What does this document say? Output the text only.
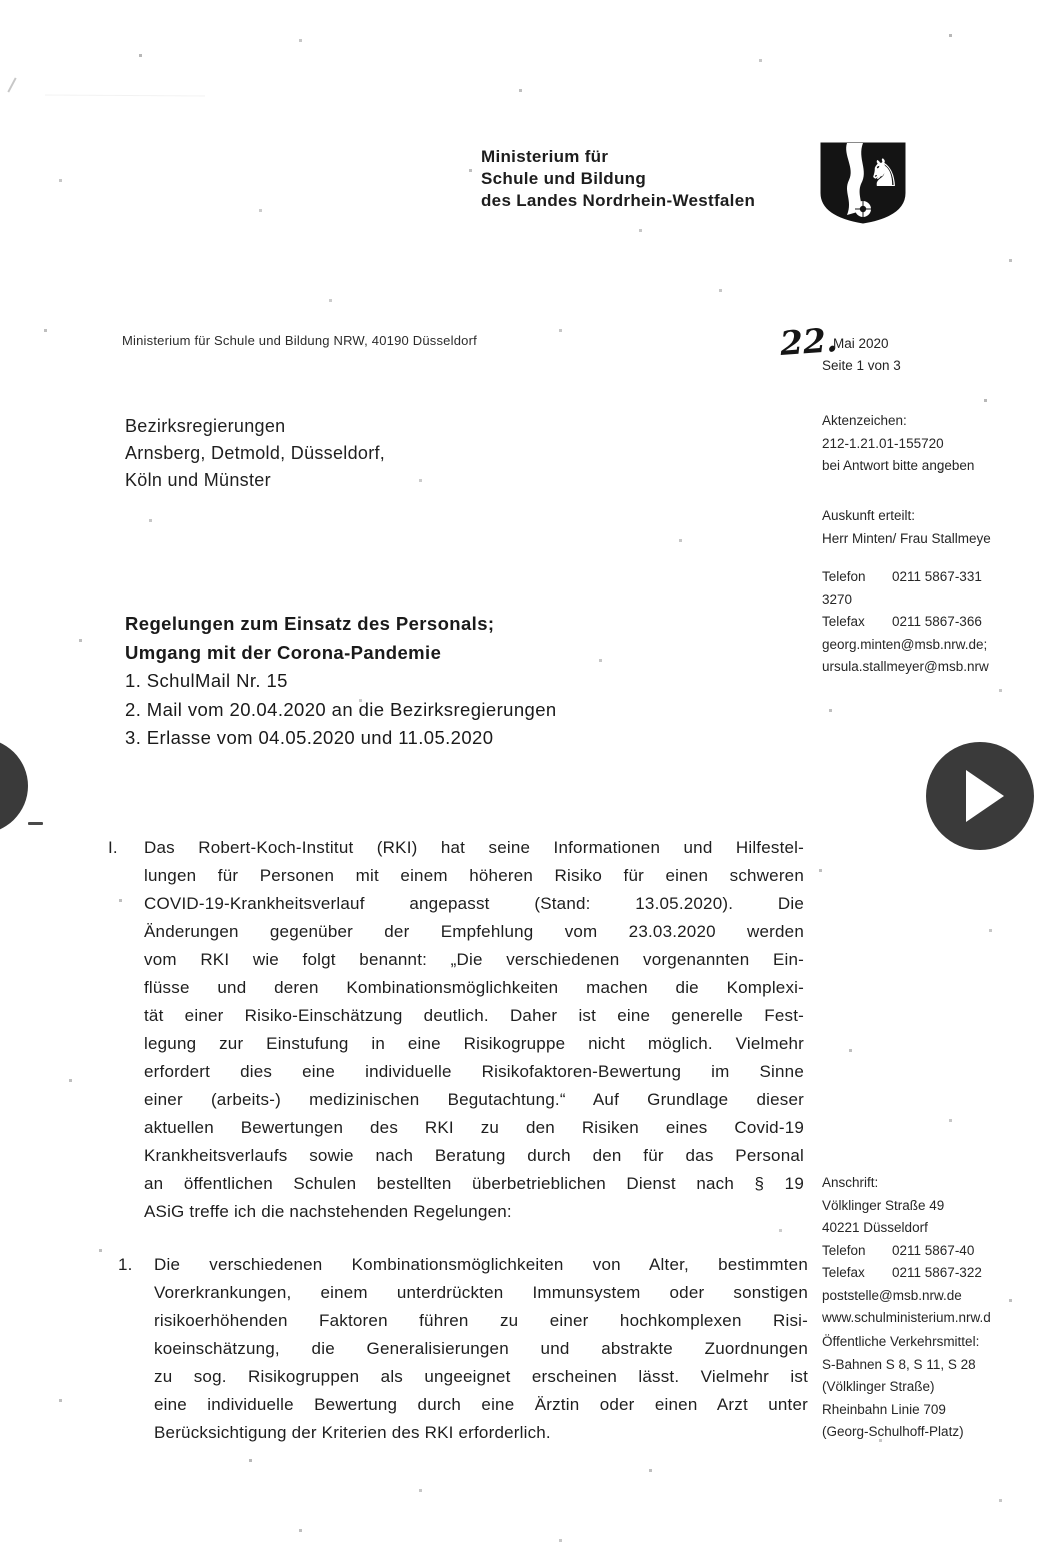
Ministerium für
Schule und Bildung
des Landes Nordrhein-Westfalen
♞
Ministerium für Schule und Bildung NRW, 40190 Düsseldorf	22.
Mai 2020
Seite 1 von 3
Aktenzeichen:
212-1.21.01-155720
bei Antwort bitte angeben
Auskunft erteilt:
Herr Minten/ Frau Stallmeye
Telefon 0211 5867-331
3270
Telefax 0211 5867-366
georg.minten@msb.nrw.de;
ursula.stallmeyer@msb.nrw
Bezirksregierungen
Arnsberg, Detmold, Düsseldorf,
Köln und Münster
Regelungen zum Einsatz des Personals;
Umgang mit der Corona-Pandemie
1. SchulMail Nr. 15
2. Mail vom 20.04.2020 an die Bezirksregierungen
3. Erlasse vom 04.05.2020 und 11.05.2020
I.	Das Robert-Koch-Institut (RKI) hat seine Informationen und Hilfestel-
lungen für Personen mit einem höheren Risiko für einen schweren
COVID-19-Krankheitsverlauf angepasst (Stand: 13.05.2020). Die
Änderungen gegenüber der Empfehlung vom 23.03.2020 werden
vom RKI wie folgt benannt: „Die verschiedenen vorgenannten Ein-
flüsse und deren Kombinationsmöglichkeiten machen die Komplexi-
tät einer Risiko-Einschätzung deutlich. Daher ist eine generelle Fest-
legung zur Einstufung in eine Risikogruppe nicht möglich. Vielmehr
erfordert dies eine individuelle Risikofaktoren-Bewertung im Sinne
einer (arbeits-) medizinischen Begutachtung.“ Auf Grundlage dieser
aktuellen Bewertungen des RKI zu den Risiken eines Covid-19
Krankheitsverlaufs sowie nach Beratung durch den für das Personal
an öffentlichen Schulen bestellten überbetrieblichen Dienst nach § 19
ASiG treffe ich die nachstehenden Regelungen:
1.	Die verschiedenen Kombinationsmöglichkeiten von Alter, bestimmten
Vorerkrankungen, einem unterdrückten Immunsystem oder sonstigen
risikoerhöhenden Faktoren führen zu einer hochkomplexen Risi-
koeinschätzung, die Generalisierungen und abstrakte Zuordnungen
zu sog. Risikogruppen als ungeeignet erscheinen lässt. Vielmehr ist
eine individuelle Bewertung durch eine Ärztin oder einen Arzt unter
Berücksichtigung der Kriterien des RKI erforderlich.
Anschrift:
Völklinger Straße 49
40221 Düsseldorf
Telefon 0211 5867-40
Telefax 0211 5867-322
poststelle@msb.nrw.de
www.schulministerium.nrw.d
Öffentliche Verkehrsmittel:
S-Bahnen S 8, S 11, S 28
(Völklinger Straße)
Rheinbahn Linie 709
(Georg-Schulhoff-Platz)
